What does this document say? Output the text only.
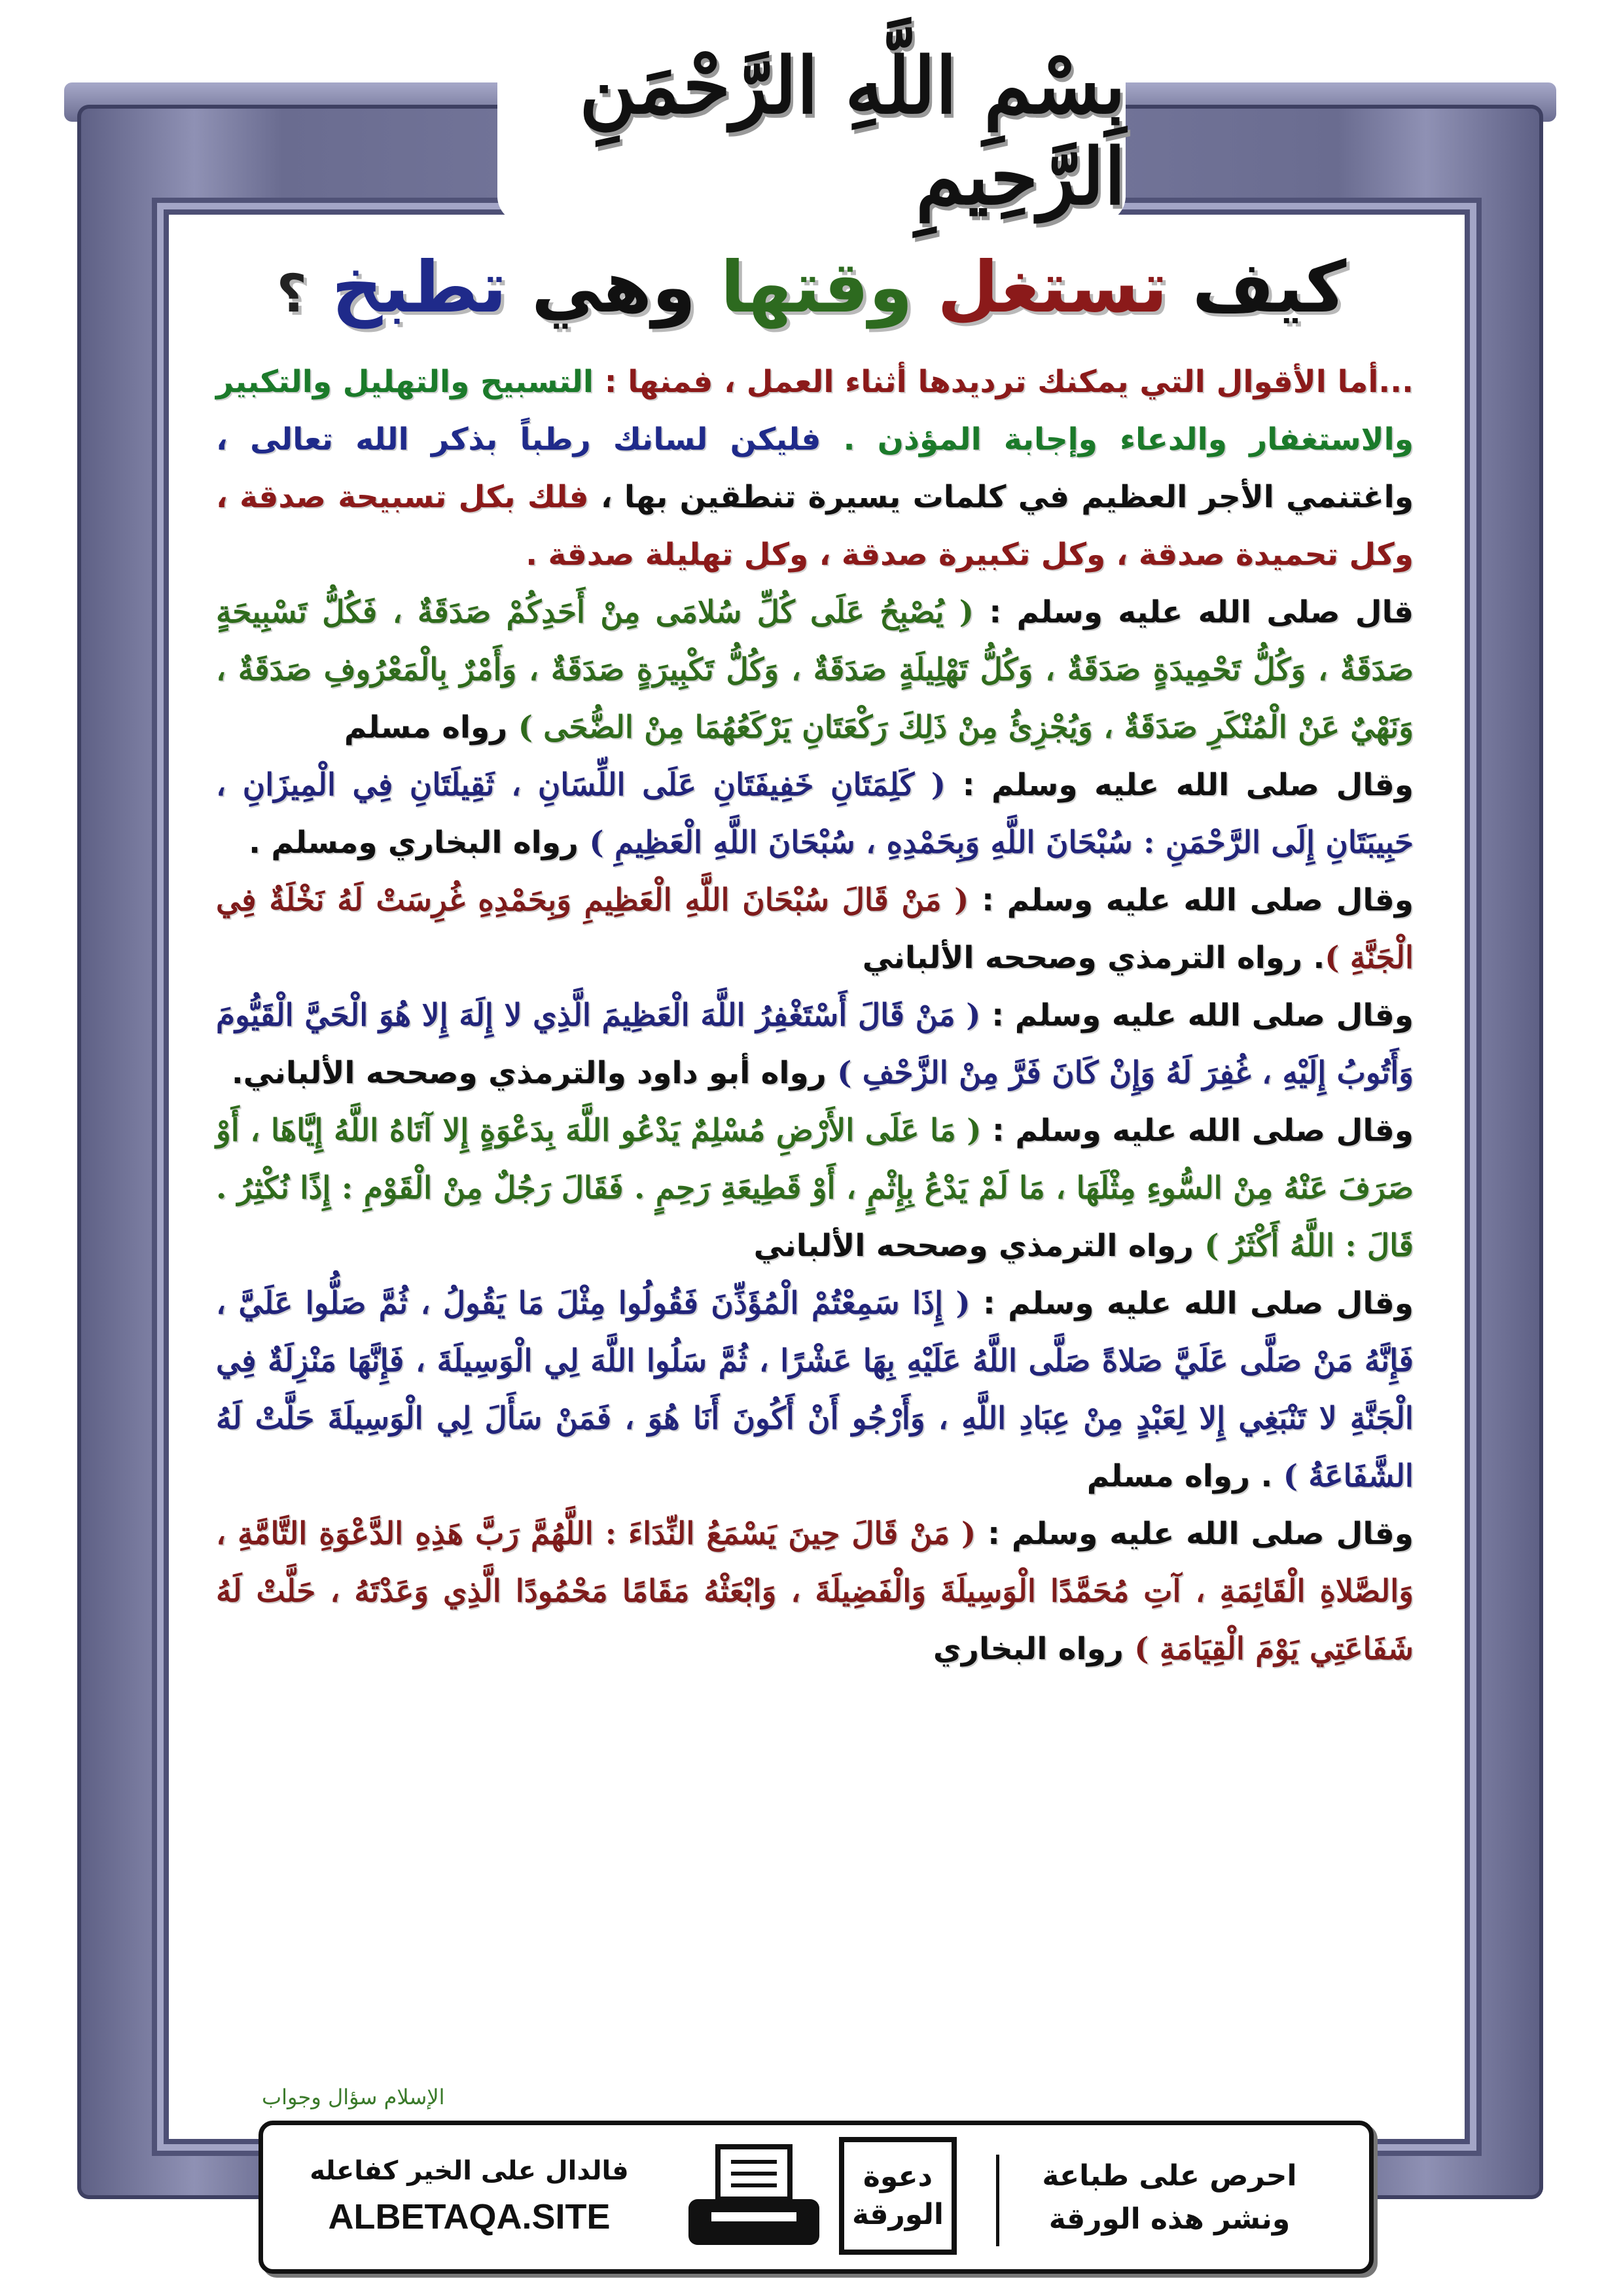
بِسْمِ اللَّهِ الرَّحْمَنِ الرَّحِيمِ
كيف تستغل وقتها وهي تطبخ ؟

...أما الأقوال التي يمكنك ترديدها أثناء العمل ، فمنها : التسبيح والتهليل والتكبير والاستغفار والدعاء وإجابة المؤذن . فليكن لسانك رطباً بذكر الله تعالى ، واغتنمي الأجر العظيم في كلمات يسيرة تنطقين بها ، فلك بكل تسبيحة صدقة ، وكل تحميدة صدقة ، وكل تكبيرة صدقة ، وكل تهليلة صدقة .

قال صلى الله عليه وسلم : ( يُصْبِحُ عَلَى كُلِّ سُلامَى مِنْ أَحَدِكُمْ صَدَقَةٌ ، فَكُلُّ تَسْبِيحَةٍ صَدَقَةٌ ، وَكُلُّ تَحْمِيدَةٍ صَدَقَةٌ ، وَكُلُّ تَهْلِيلَةٍ صَدَقَةٌ ، وَكُلُّ تَكْبِيرَةٍ صَدَقَةٌ ، وَأَمْرٌ بِالْمَعْرُوفِ صَدَقَةٌ ، وَنَهْيٌ عَنْ الْمُنْكَرِ صَدَقَةٌ ، وَيُجْزِئُ مِنْ ذَلِكَ رَكْعَتَانِ يَرْكَعُهُمَا مِنْ الضُّحَى ) رواه مسلم

وقال صلى الله عليه وسلم : ( كَلِمَتَانِ خَفِيفَتَانِ عَلَى اللِّسَانِ ، ثَقِيلَتَانِ فِي الْمِيزَانِ ، حَبِيبَتَانِ إِلَى الرَّحْمَنِ : سُبْحَانَ اللَّهِ وَبِحَمْدِهِ ، سُبْحَانَ اللَّهِ الْعَظِيمِ ) رواه البخاري ومسلم .

وقال صلى الله عليه وسلم : ( مَنْ قَالَ سُبْحَانَ اللَّهِ الْعَظِيمِ وَبِحَمْدِهِ غُرِسَتْ لَهُ نَخْلَةٌ فِي الْجَنَّةِ ). رواه الترمذي وصححه الألباني

وقال صلى الله عليه وسلم : ( مَنْ قَالَ أَسْتَغْفِرُ اللَّهَ الْعَظِيمَ الَّذِي لا إِلَهَ إِلا هُوَ الْحَيَّ الْقَيُّومَ وَأَتُوبُ إِلَيْهِ ، غُفِرَ لَهُ وَإِنْ كَانَ فَرَّ مِنْ الزَّحْفِ ) رواه أبو داود والترمذي وصححه الألباني.

وقال صلى الله عليه وسلم : ( مَا عَلَى الأَرْضِ مُسْلِمٌ يَدْعُو اللَّهَ بِدَعْوَةٍ إِلا آتَاهُ اللَّهُ إِيَّاهَا ، أَوْ صَرَفَ عَنْهُ مِنْ السُّوءِ مِثْلَهَا ، مَا لَمْ يَدْعُ بِإِثْمٍ ، أَوْ قَطِيعَةِ رَحِمٍ . فَقَالَ رَجُلٌ مِنْ الْقَوْمِ : إِذًا نُكْثِرُ . قَالَ : اللَّهُ أَكْثَرُ ) رواه الترمذي وصححه الألباني

وقال صلى الله عليه وسلم : ( إِذَا سَمِعْتُمْ الْمُؤَذِّنَ فَقُولُوا مِثْلَ مَا يَقُولُ ، ثُمَّ صَلُّوا عَلَيَّ ، فَإِنَّهُ مَنْ صَلَّى عَلَيَّ صَلاةً صَلَّى اللَّهُ عَلَيْهِ بِهَا عَشْرًا ، ثُمَّ سَلُوا اللَّهَ لِي الْوَسِيلَةَ ، فَإِنَّهَا مَنْزِلَةٌ فِي الْجَنَّةِ لا تَنْبَغِي إِلا لِعَبْدٍ مِنْ عِبَادِ اللَّهِ ، وَأَرْجُو أَنْ أَكُونَ أَنَا هُوَ ، فَمَنْ سَأَلَ لِي الْوَسِيلَةَ حَلَّتْ لَهُ الشَّفَاعَةُ ) . رواه مسلم

وقال صلى الله عليه وسلم : ( مَنْ قَالَ حِينَ يَسْمَعُ النِّدَاءَ : اللَّهُمَّ رَبَّ هَذِهِ الدَّعْوَةِ التَّامَّةِ ، وَالصَّلاةِ الْقَائِمَةِ ، آتِ مُحَمَّدًا الْوَسِيلَةَ وَالْفَضِيلَةَ ، وَابْعَثْهُ مَقَامًا مَحْمُودًا الَّذِي وَعَدْتَهُ ، حَلَّتْ لَهُ شَفَاعَتِي يَوْمَ الْقِيَامَةِ ) رواه البخاري

الإسلام سؤال وجواب
فالدال على الخير كفاعله
ALBETAQA.SITE
دعوة
الورقة
احرص على طباعة
ونشر هذه الورقة
